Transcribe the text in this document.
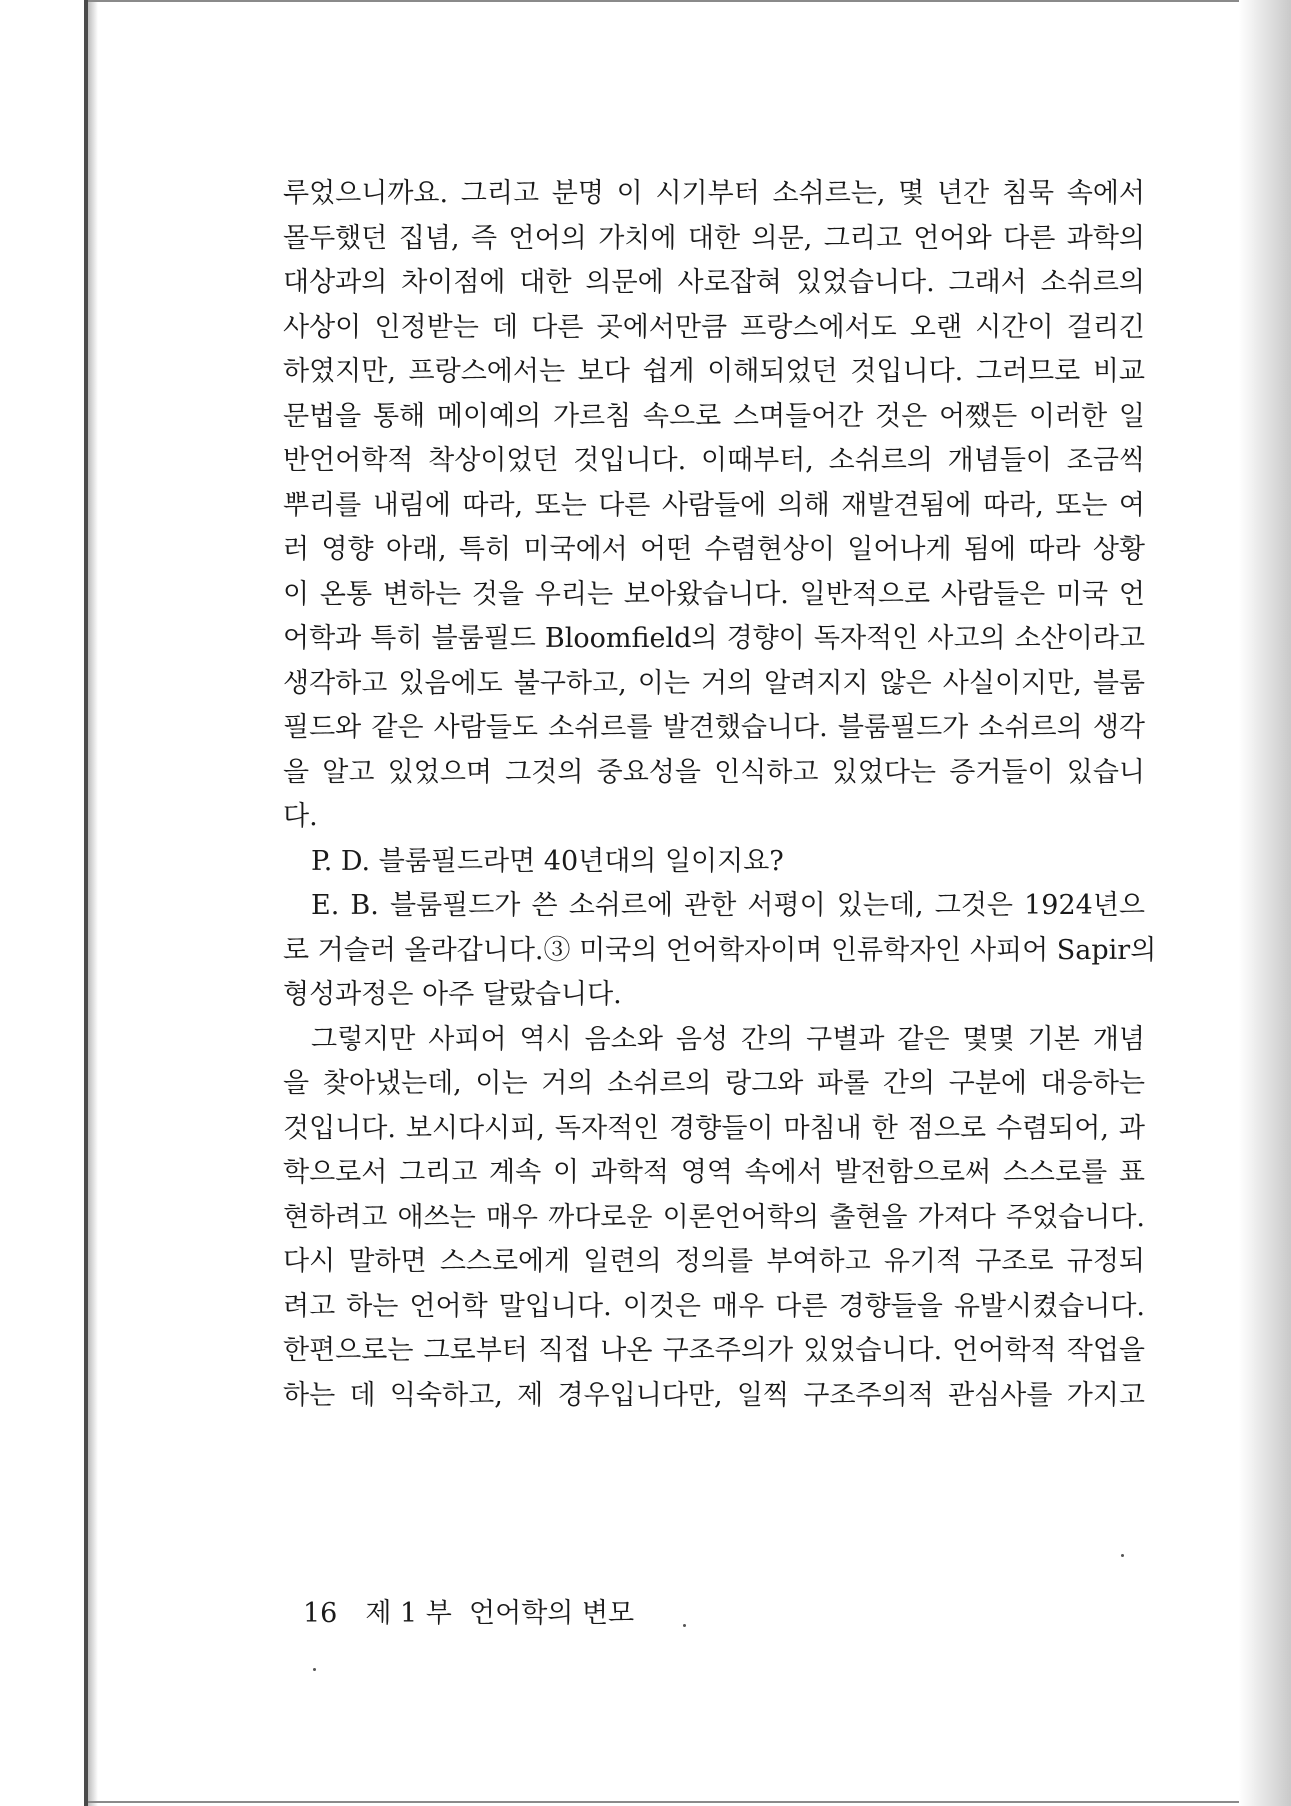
루었으니까요. 그리고 분명 이 시기부터 소쉬르는, 몇 년간 침묵 속에서
몰두했던 집념, 즉 언어의 가치에 대한 의문, 그리고 언어와 다른 과학의
대상과의 차이점에 대한 의문에 사로잡혀 있었습니다. 그래서 소쉬르의
사상이 인정받는 데 다른 곳에서만큼 프랑스에서도 오랜 시간이 걸리긴
하였지만, 프랑스에서는 보다 쉽게 이해되었던 것입니다. 그러므로 비교
문법을 통해 메이예의 가르침 속으로 스며들어간 것은 어쨌든 이러한 일
반언어학적 착상이었던 것입니다. 이때부터, 소쉬르의 개념들이 조금씩
뿌리를 내림에 따라, 또는 다른 사람들에 의해 재발견됨에 따라, 또는 여
러 영향 아래, 특히 미국에서 어떤 수렴현상이 일어나게 됨에 따라 상황
이 온통 변하는 것을 우리는 보아왔습니다. 일반적으로 사람들은 미국 언
어학과 특히 블룸필드 Bloomfield의 경향이 독자적인 사고의 소산이라고
생각하고 있음에도 불구하고, 이는 거의 알려지지 않은 사실이지만, 블룸
필드와 같은 사람들도 소쉬르를 발견했습니다. 블룸필드가 소쉬르의 생각
을 알고 있었으며 그것의 중요성을 인식하고 있었다는 증거들이 있습니
다.
P. D. 블룸필드라면 40년대의 일이지요?
E. B. 블룸필드가 쓴 소쉬르에 관한 서평이 있는데, 그것은 1924년으
로 거슬러 올라갑니다.③ 미국의 언어학자이며 인류학자인 사피어 Sapir의
형성과정은 아주 달랐습니다.
그렇지만 사피어 역시 음소와 음성 간의 구별과 같은 몇몇 기본 개념
을 찾아냈는데, 이는 거의 소쉬르의 랑그와 파롤 간의 구분에 대응하는
것입니다. 보시다시피, 독자적인 경향들이 마침내 한 점으로 수렴되어, 과
학으로서 그리고 계속 이 과학적 영역 속에서 발전함으로써 스스로를 표
현하려고 애쓰는 매우 까다로운 이론언어학의 출현을 가져다 주었습니다.
다시 말하면 스스로에게 일련의 정의를 부여하고 유기적 구조로 규정되
려고 하는 언어학 말입니다. 이것은 매우 다른 경향들을 유발시켰습니다.
한편으로는 그로부터 직접 나온 구조주의가 있었습니다. 언어학적 작업을
하는 데 익숙하고, 제 경우입니다만, 일찍 구조주의적 관심사를 가지고
16 제 1 부 언어학의 변모
